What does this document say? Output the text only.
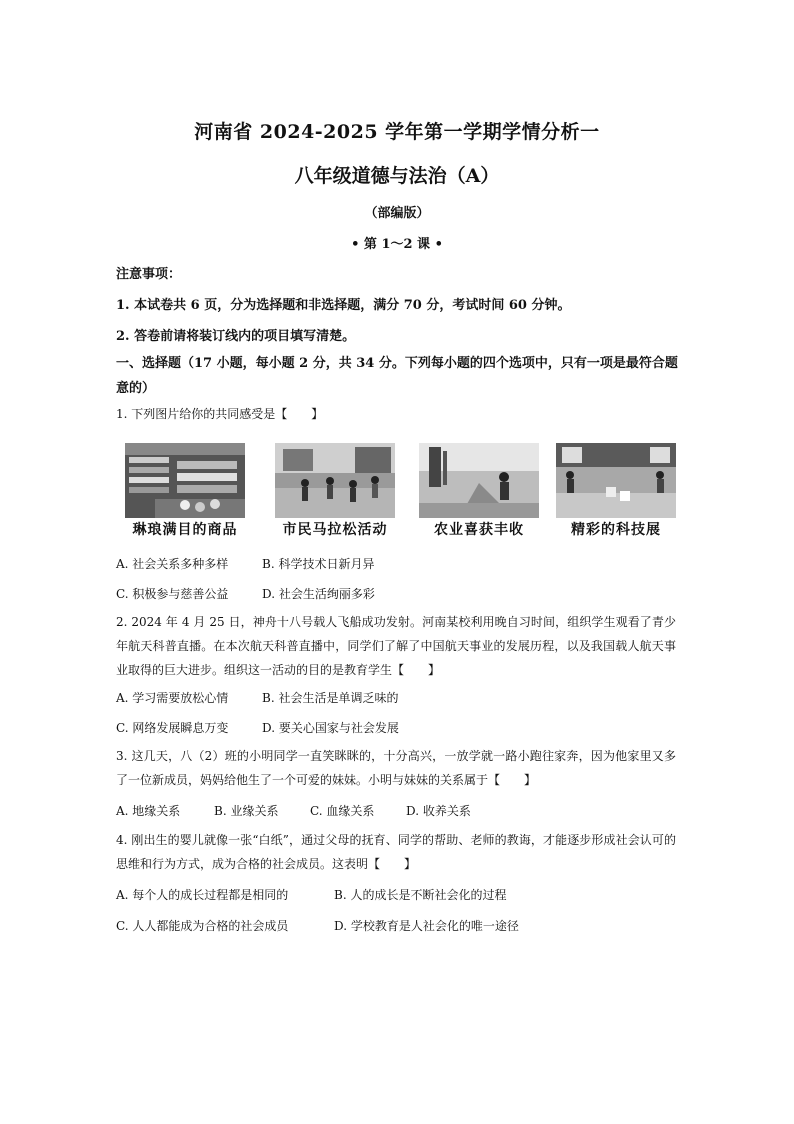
河南省 2024-2025 学年第一学期学情分析一
八年级道德与法治（A）
（部编版）
• 第 1～2 课 •
注意事项：
1. 本试卷共 6 页，分为选择题和非选择题，满分 70 分，考试时间 60 分钟。
2. 答卷前请将装订线内的项目填写清楚。
一、选择题（17 小题，每小题 2 分，共 34 分。下列每小题的四个选项中，只有一项是最符合题意的）
1. 下列图片给你的共同感受是【　　】
琳琅满目的商品	市民马拉松活动	农业喜获丰收	精彩的科技展
A. 社会关系多种多样	B. 科学技术日新月异
C. 积极参与慈善公益	D. 社会生活绚丽多彩
2. 2024 年 4 月 25 日，神舟十八号载人飞船成功发射。河南某校利用晚自习时间，组织学生观看了青少年航天科普直播。在本次航天科普直播中，同学们了解了中国航天事业的发展历程，以及我国载人航天事业取得的巨大进步。组织这一活动的目的是教育学生【　　】
A. 学习需要放松心情	B. 社会生活是单调乏味的
C. 网络发展瞬息万变	D. 要关心国家与社会发展
3. 这几天，八（2）班的小明同学一直笑眯眯的，十分高兴，一放学就一路小跑往家奔，因为他家里又多了一位新成员，妈妈给他生了一个可爱的妹妹。小明与妹妹的关系属于【　　】
A. 地缘关系	B. 业缘关系	C. 血缘关系	D. 收养关系
4. 刚出生的婴儿就像一张“白纸”，通过父母的抚育、同学的帮助、老师的教诲，才能逐步形成社会认可的思维和行为方式，成为合格的社会成员。这表明【　　】
A. 每个人的成长过程都是相同的	B. 人的成长是不断社会化的过程
C. 人人都能成为合格的社会成员	D. 学校教育是人社会化的唯一途径
